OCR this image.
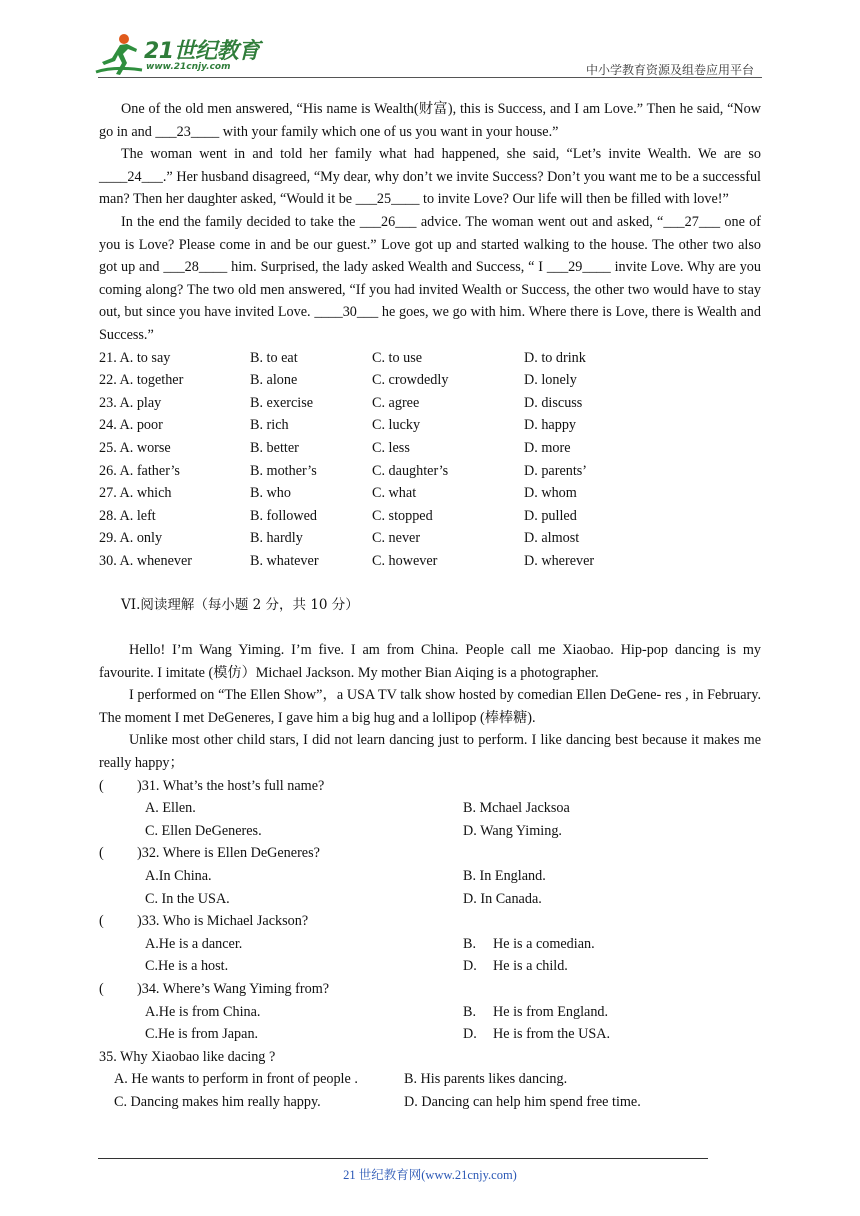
21世纪教育
www.21cnjy.com	中小学教育资源及组卷应用平台

One of the old men answered, “His name is Wealth(财富), this is Success, and I am Love.” Then he said, “Now go in and ___23____ with your family which one of us you want in your house.”

The woman went in and told her family what had happened, she said, “Let’s invite Wealth. We are so ____24___.” Her husband disagreed, “My dear, why don’t we invite Success? Don’t you want me to be a successful man? Then her daughter asked, “Would it be ___25____ to invite Love? Our life will then be filled with love!”

In the end the family decided to take the ___26___ advice. The woman went out and asked, “___27___ one of you is Love? Please come in and be our guest.” Love got up and started walking to the house. The other two also got up and ___28____ him. Surprised, the lady asked Wealth and Success, “ I ___29____ invite Love. Why are you coming along? The two old men answered, “If you had invited Wealth or Success, the other two would have to stay out, but since you have invited Love. ____30___ he goes, we go with him. Where there is Love, there is Wealth and Success.”

21. A. to say	B. to eat	C. to use	D. to drink
22. A. together	B. alone	C. crowdedly	D. lonely
23. A. play	B. exercise	C. agree	D. discuss
24. A. poor	B. rich	C. lucky	D. happy
25. A. worse	B. better	C. less	D. more
26. A. father’s	B. mother’s	C. daughter’s	D. parents’
27. A. which	B. who	C. what	D. whom
28. A. left	B. followed	C. stopped	D. pulled
29. A. only	B. hardly	C. never	D. almost
30. A. whenever	B. whatever	C. however	D. wherever
VI.阅读理解（每小题 2 分，共 10 分）

Hello! I’m Wang Yiming. I’m five. I am from China. People call me Xiaobao. Hip-pop dancing is my favourite. I imitate (模仿）Michael Jackson. My mother Bian Aiqing is a photographer.

I performed on “The Ellen Show”，a USA TV talk show hosted by comedian Ellen DeGene- res , in February. The moment I met DeGeneres, I gave him a big hug and a lollipop (棒棒糖).

Unlike most other child stars, I did not learn dancing just to perform. I like dancing best because it makes me really happy；

( )31. What’s the host’s full name?
A. Ellen.	B. Mchael Jacksoa
C. Ellen DeGeneres.	D. Wang Yiming.
( )32. Where is Ellen DeGeneres?
A.In China.	B. In England.
C. In the USA.	D. In Canada.
( )33. Who is Michael Jackson?
A.He is a dancer.	B. He is a comedian.
C.He is a host.	D. He is a child.
( )34. Where’s Wang Yiming from?
A.He is from China.	B. He is from England.
C.He is from Japan.	D. He is from the USA.
35. Why Xiaobao like dacing ?
A. He wants to perform in front of people .	B. His parents likes dancing.
C. Dancing makes him really happy.	D. Dancing can help him spend free time.
21 世纪教育网(www.21cnjy.com)
